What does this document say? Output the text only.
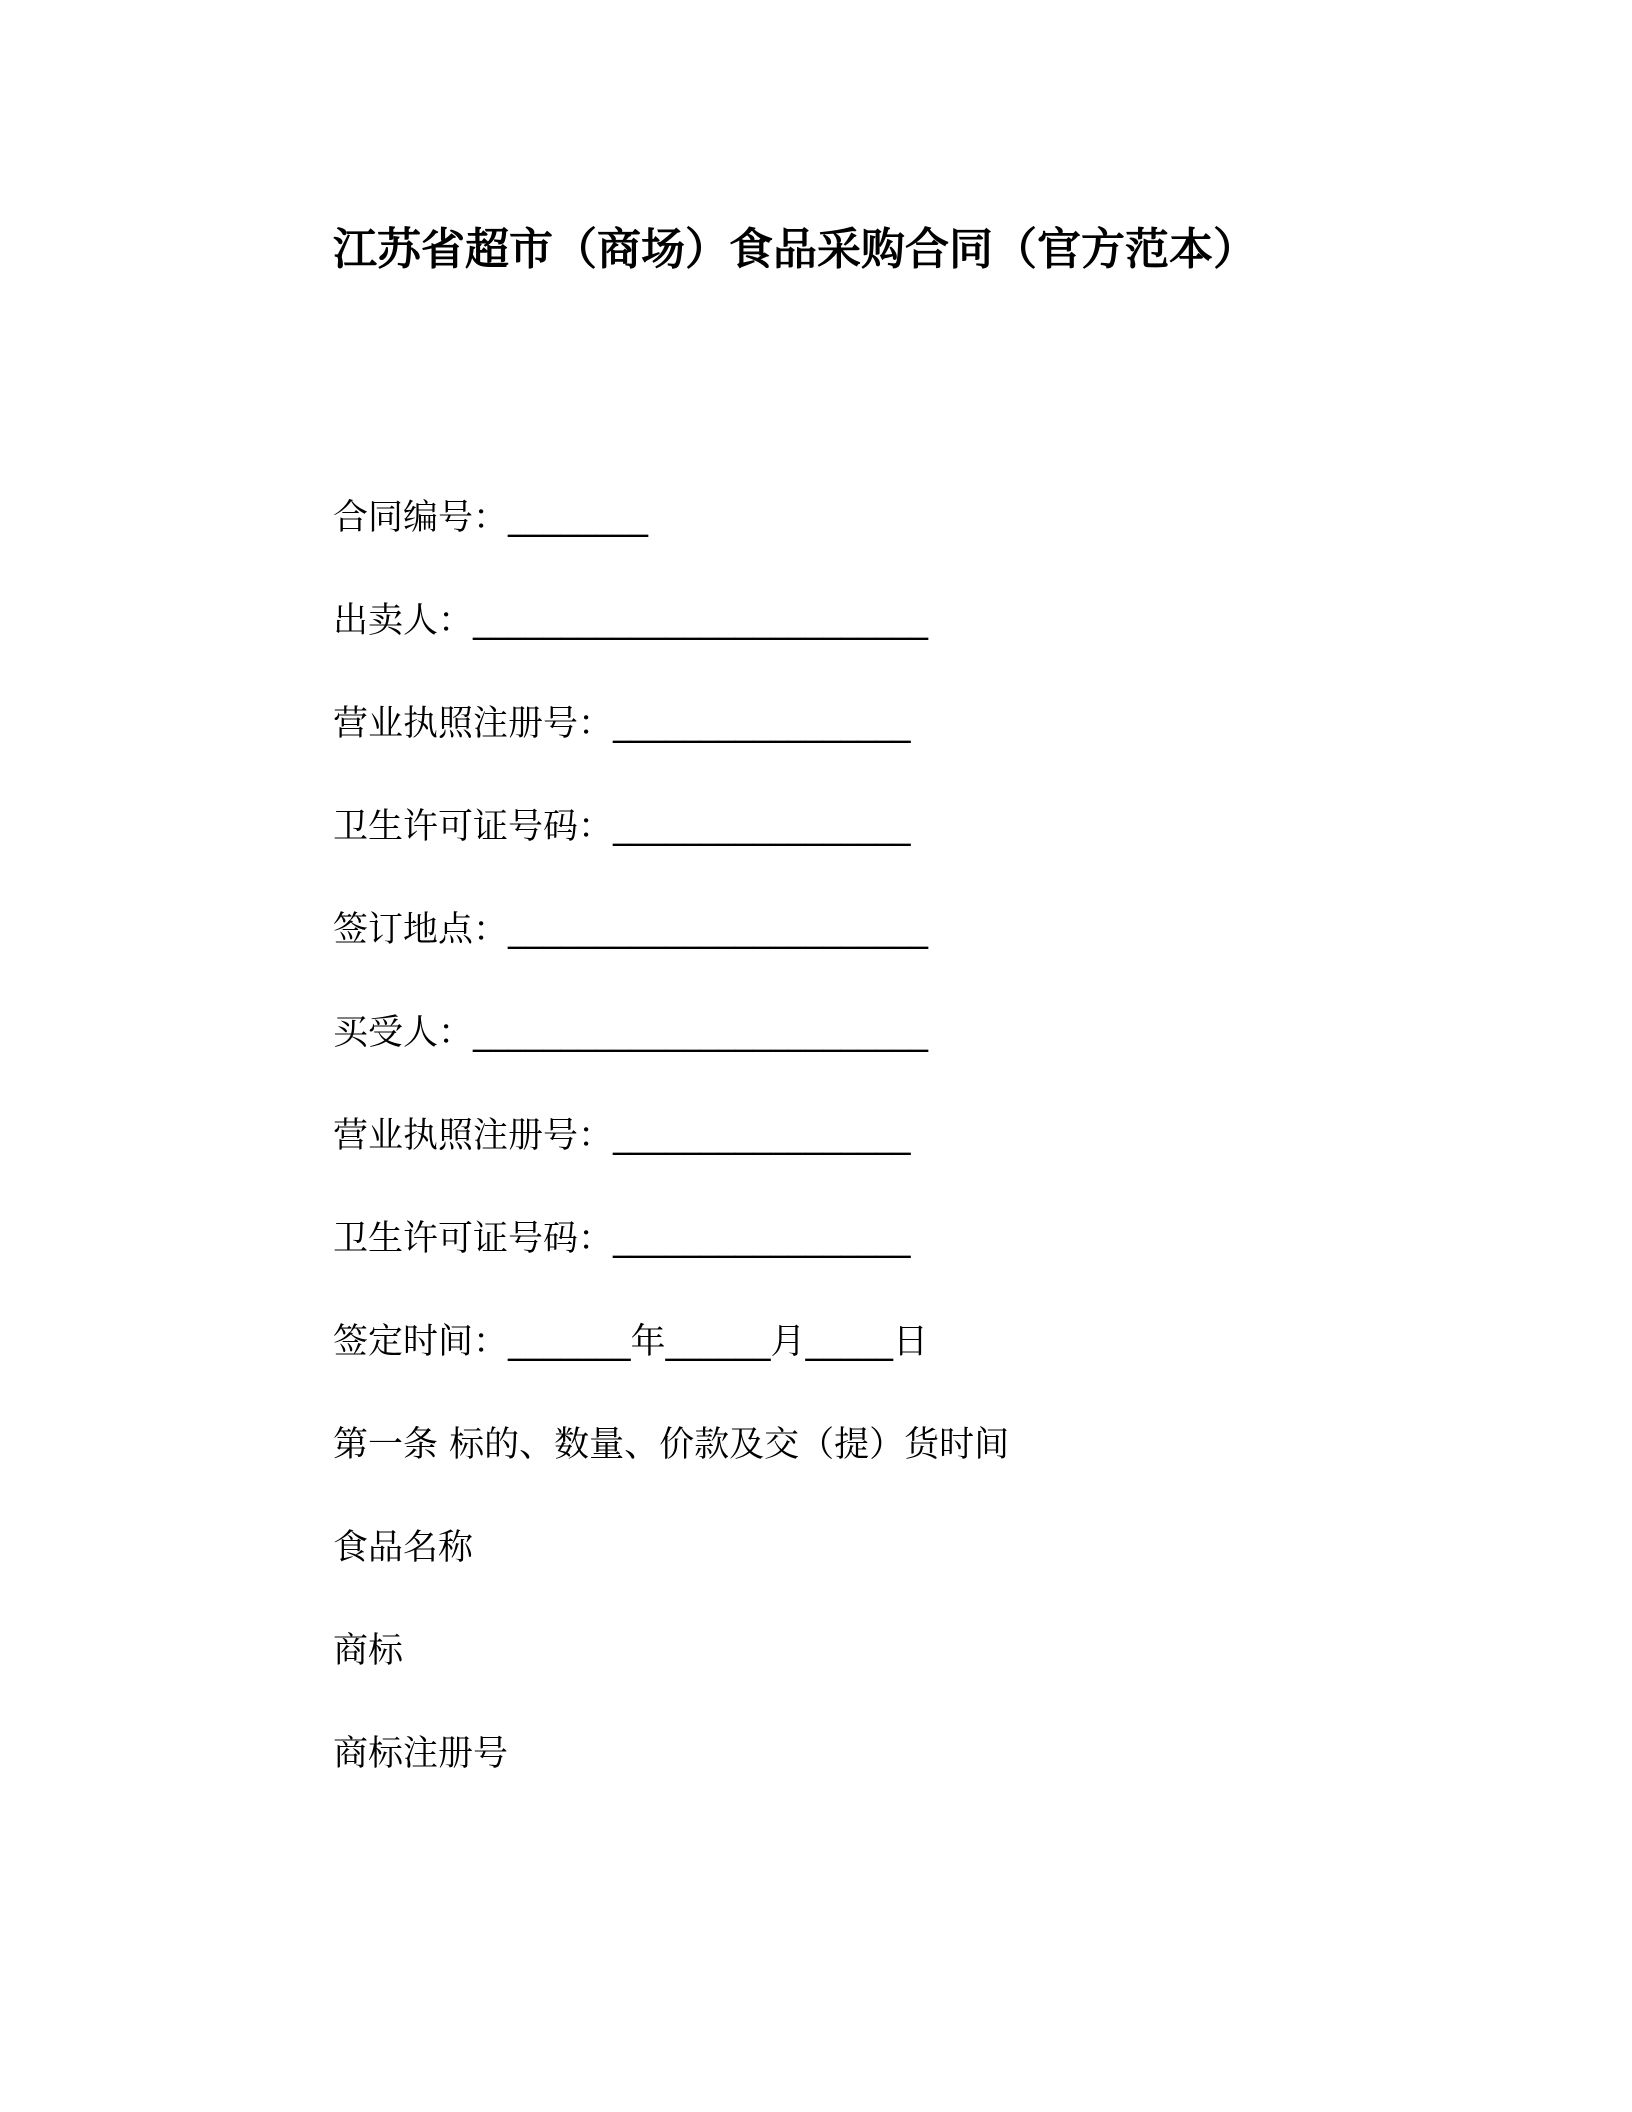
江苏省超市（商场）食品采购合同（官方范本）
合同编号：________
出卖人：__________________________
营业执照注册号：_________________
卫生许可证号码：_________________
签订地点：________________________
买受人：__________________________
营业执照注册号：_________________
卫生许可证号码：_________________
签定时间：_______年______月_____日
第一条 标的、数量、价款及交（提）货时间
食品名称
商标
商标注册号
